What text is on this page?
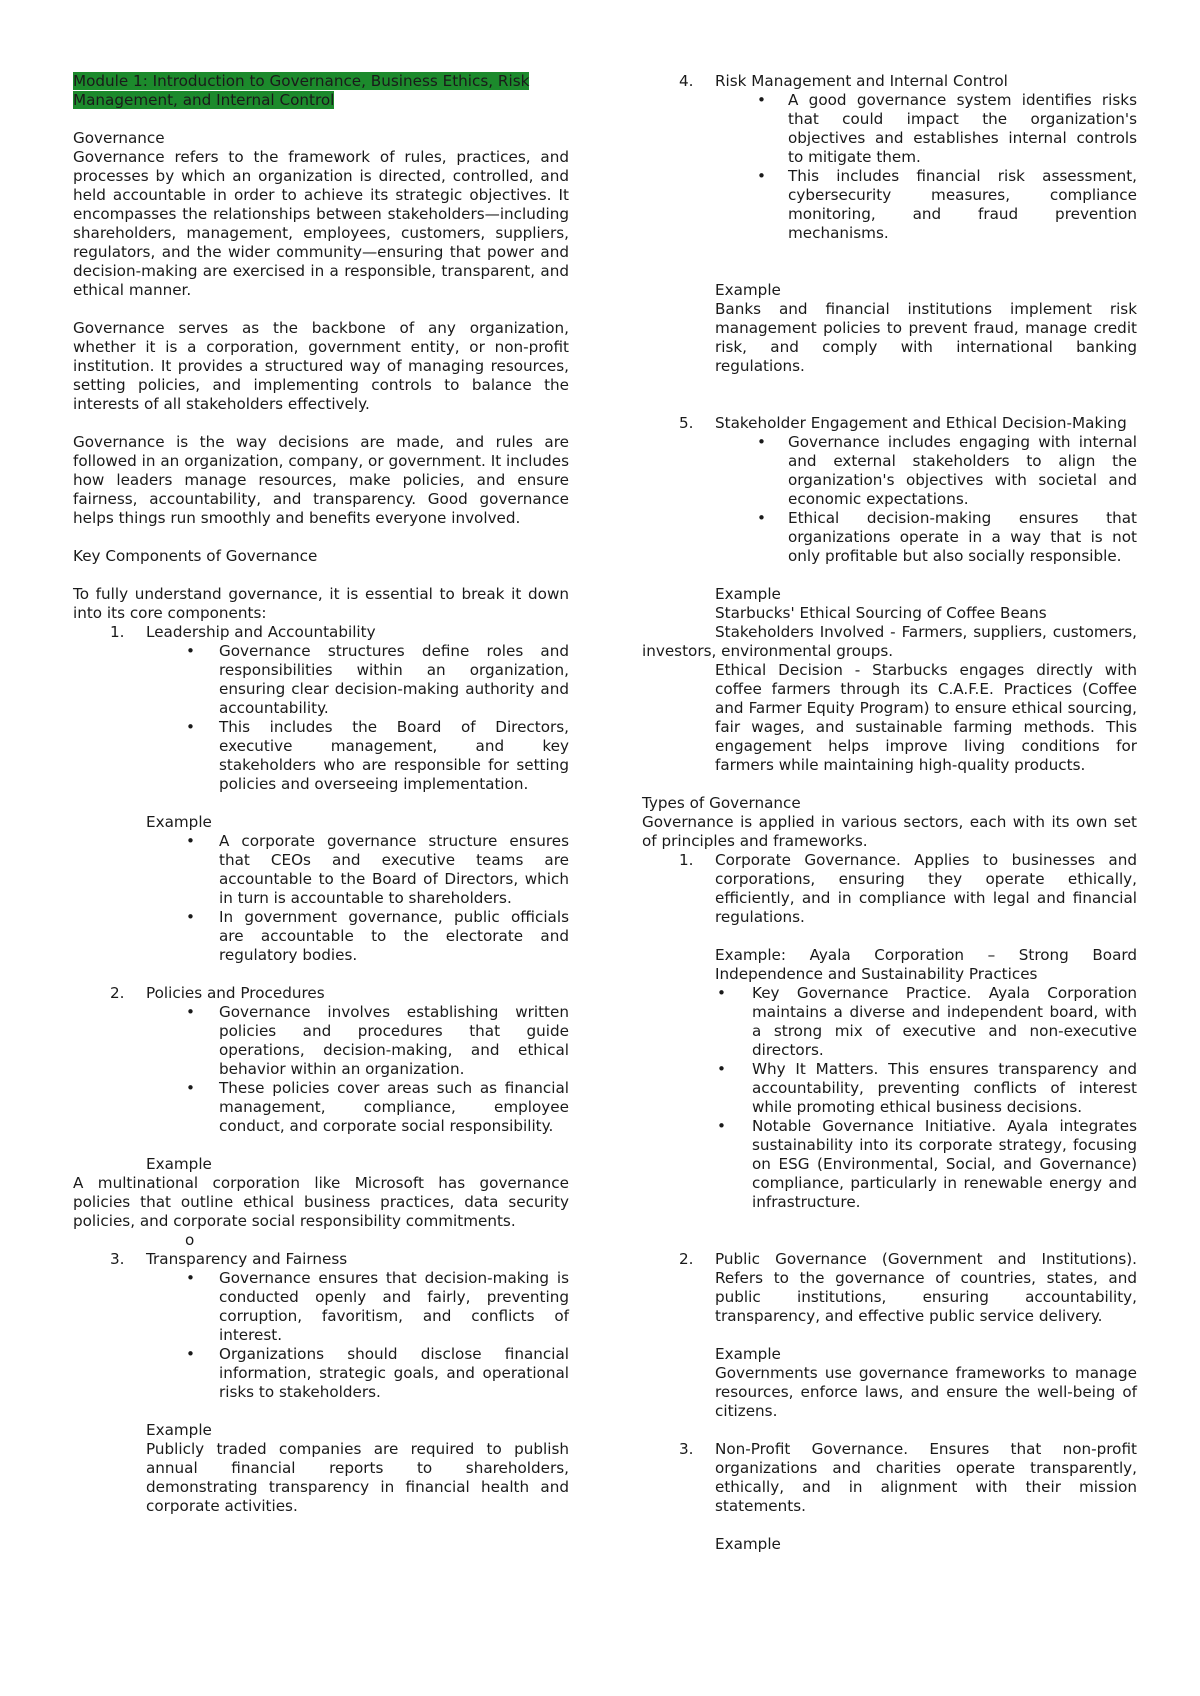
Module 1: Introduction to Governance, Business Ethics, Risk Management, and Internal Control

Governance

Governance refers to the framework of rules, practices, and processes by which an organization is directed, controlled, and held accountable in order to achieve its strategic objectives. It encompasses the relationships between stakeholders—including shareholders, management, employees, customers, suppliers, regulators, and the wider community—ensuring that power and decision-making are exercised in a responsible, transparent, and ethical manner.

Governance serves as the backbone of any organization, whether it is a corporation, government entity, or non-profit institution. It provides a structured way of managing resources, setting policies, and implementing controls to balance the interests of all stakeholders effectively.

Governance is the way decisions are made, and rules are followed in an organization, company, or government. It includes how leaders manage resources, make policies, and ensure fairness, accountability, and transparency. Good governance helps things run smoothly and benefits everyone involved.

Key Components of Governance

To fully understand governance, it is essential to break it down into its core components:

1. Leadership and Accountability

• Governance structures define roles and responsibilities within an organization, ensuring clear decision-making authority and accountability.

• This includes the Board of Directors, executive management, and key stakeholders who are responsible for setting policies and overseeing implementation.

Example

• A corporate governance structure ensures that CEOs and executive teams are accountable to the Board of Directors, which in turn is accountable to shareholders.

• In government governance, public officials are accountable to the electorate and regulatory bodies.

2. Policies and Procedures

• Governance involves establishing written policies and procedures that guide operations, decision-making, and ethical behavior within an organization.

• These policies cover areas such as financial management, compliance, employee conduct, and corporate social responsibility.

Example

A multinational corporation like Microsoft has governance policies that outline ethical business practices, data security policies, and corporate social responsibility commitments.

o

3. Transparency and Fairness

• Governance ensures that decision-making is conducted openly and fairly, preventing corruption, favoritism, and conflicts of interest.

• Organizations should disclose financial information, strategic goals, and operational risks to stakeholders.

Example

Publicly traded companies are required to publish annual financial reports to shareholders, demonstrating transparency in financial health and corporate activities.

4. Risk Management and Internal Control

• A good governance system identifies risks that could impact the organization's objectives and establishes internal controls to mitigate them.

• This includes financial risk assessment, cybersecurity measures, compliance monitoring, and fraud prevention mechanisms.

Example

Banks and financial institutions implement risk management policies to prevent fraud, manage credit risk, and comply with international banking regulations.

5. Stakeholder Engagement and Ethical Decision-Making

• Governance includes engaging with internal and external stakeholders to align the organization's objectives with societal and economic expectations.

• Ethical decision-making ensures that organizations operate in a way that is not only profitable but also socially responsible.

Example

Starbucks' Ethical Sourcing of Coffee Beans

Stakeholders Involved - Farmers, suppliers, customers, investors, environmental groups.

Ethical Decision - Starbucks engages directly with coffee farmers through its C.A.F.E. Practices (Coffee and Farmer Equity Program) to ensure ethical sourcing, fair wages, and sustainable farming methods. This engagement helps improve living conditions for farmers while maintaining high-quality products.

Types of Governance

Governance is applied in various sectors, each with its own set of principles and frameworks.

1. Corporate Governance. Applies to businesses and corporations, ensuring they operate ethically, efficiently, and in compliance with legal and financial regulations.

Example: Ayala Corporation – Strong Board Independence and Sustainability Practices

• Key Governance Practice. Ayala Corporation maintains a diverse and independent board, with a strong mix of executive and non-executive directors.

• Why It Matters. This ensures transparency and accountability, preventing conflicts of interest while promoting ethical business decisions.

• Notable Governance Initiative. Ayala integrates sustainability into its corporate strategy, focusing on ESG (Environmental, Social, and Governance) compliance, particularly in renewable energy and infrastructure.

2. Public Governance (Government and Institutions). Refers to the governance of countries, states, and public institutions, ensuring accountability, transparency, and effective public service delivery.

Example

Governments use governance frameworks to manage resources, enforce laws, and ensure the well-being of citizens.

3. Non-Profit Governance. Ensures that non-profit organizations and charities operate transparently, ethically, and in alignment with their mission statements.

Example
